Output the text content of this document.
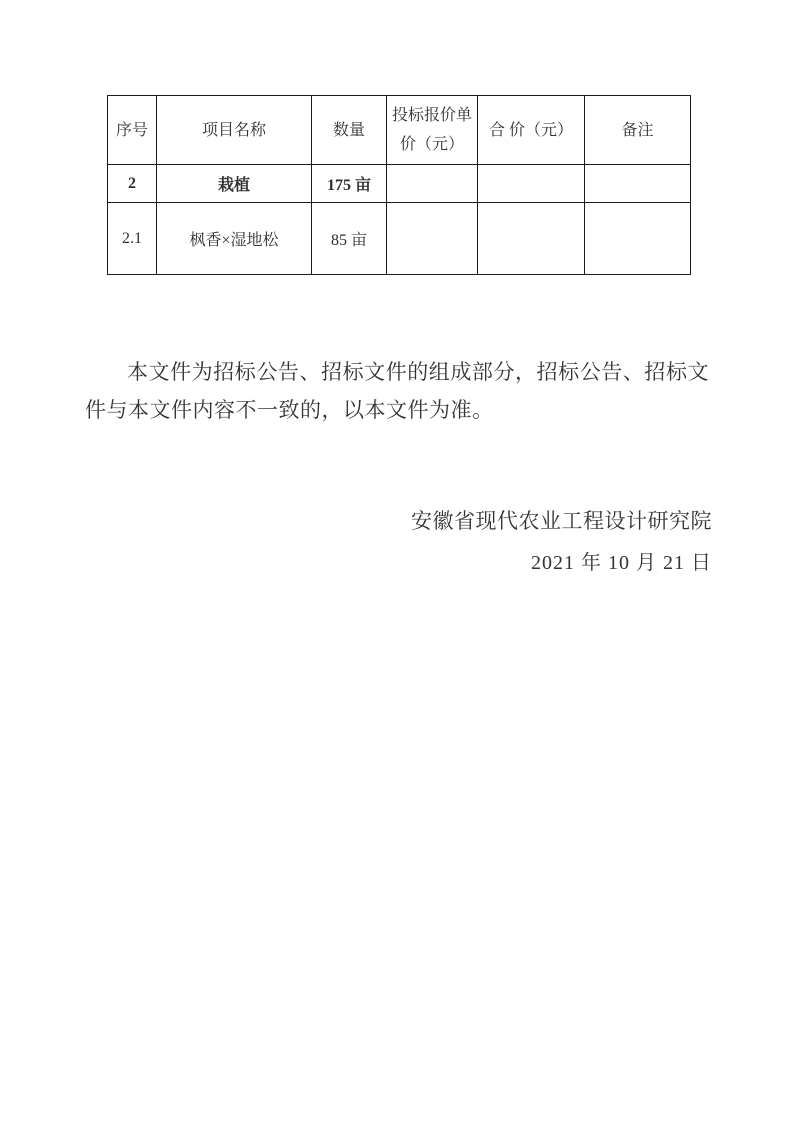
序号	项目名称	数量	投标报价单价（元）	合 价（元）	备注
2	栽植	175 亩			
2.1	枫香×湿地松	85 亩			

本文件为招标公告、招标文件的组成部分，招标公告、招标文件与本文件内容不一致的，以本文件为准。

安徽省现代农业工程设计研究院
2021 年 10 月 21 日
